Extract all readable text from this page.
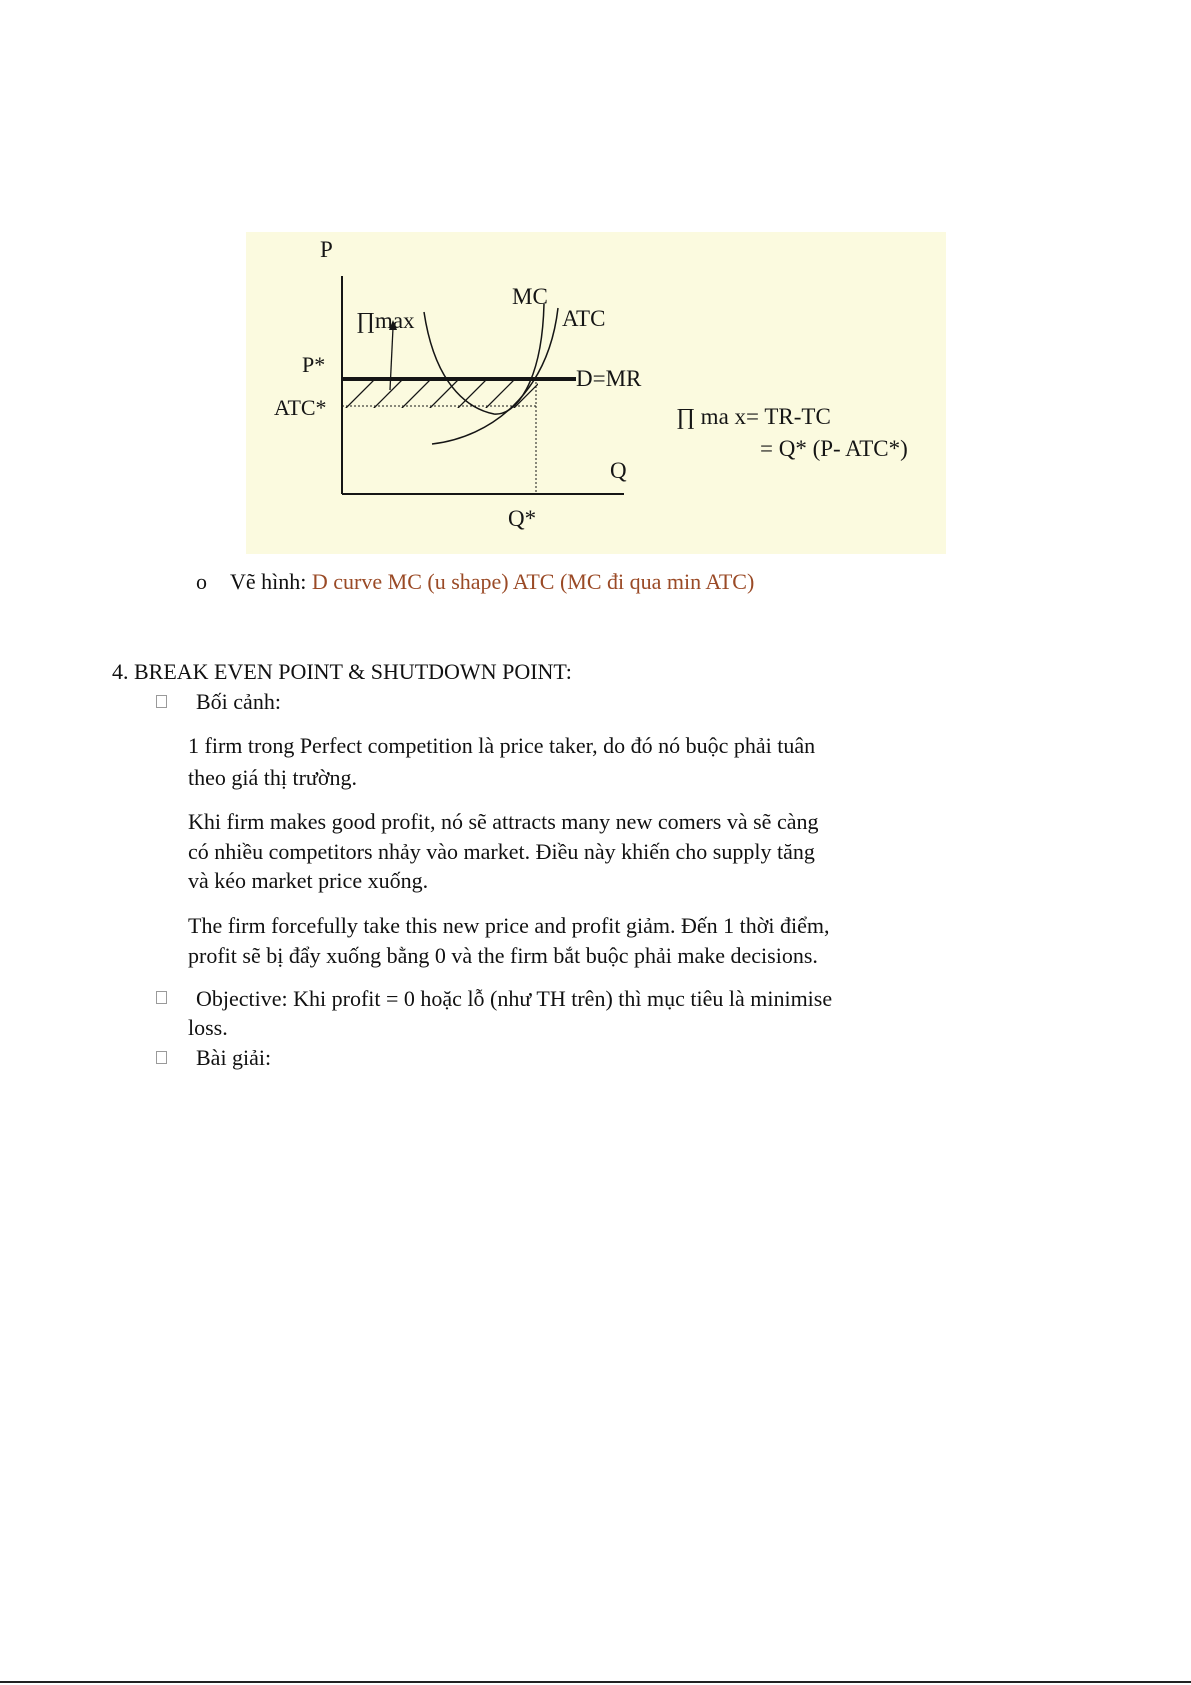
P
Q
MC
ATC
∏max
P*
ATC*
D=MR
Q*
∏ ma x= TR-TC
= Q* (P- ATC*)
o Vẽ hình: D curve MC (u shape) ATC (MC đi qua min ATC)
4. BREAK EVEN POINT & SHUTDOWN POINT:
Bối cảnh:
1 firm trong Perfect competition là price taker, do đó nó buộc phải tuân
theo giá thị trường.
Khi firm makes good profit, nó sẽ attracts many new comers và sẽ càng
có nhiều competitors nhảy vào market. Điều này khiến cho supply tăng
và kéo market price xuống.
The firm forcefully take this new price and profit giảm. Đến 1 thời điểm,
profit sẽ bị đẩy xuống bằng 0 và the firm bắt buộc phải make decisions.
Objective: Khi profit = 0 hoặc lỗ (như TH trên) thì mục tiêu là minimise
loss.
Bài giải:
